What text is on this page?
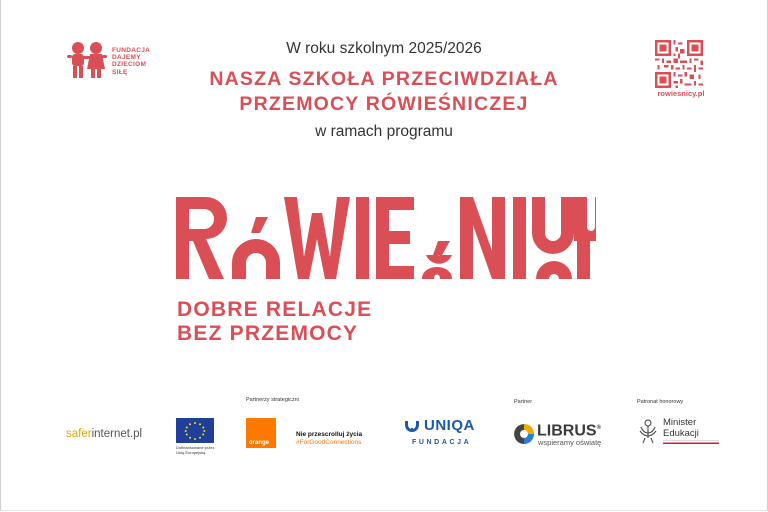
FUNDACJA
DAJEMY
DZIECIOM
SIŁĘ
rowiesnicy.pl
W roku szkolnym 2025/2026
NASZA SZKOŁA PRZECIWDZIAŁA
PRZEMOCY RÓWIEŚNICZEJ
w ramach programu
DOBRE RELACJE
BEZ PRZEMOCY
Partnerzy strategiczni	Partner	Patronat honorowy
saferinternet.pl
Dofinansowane przez
Unię Europejską
orange
Nie przescrolluj życia
#ForGoodConnections
UNIQA
FUNDACJA
LIBRUS®
wspieramy oświatę
Minister
Edukacji
